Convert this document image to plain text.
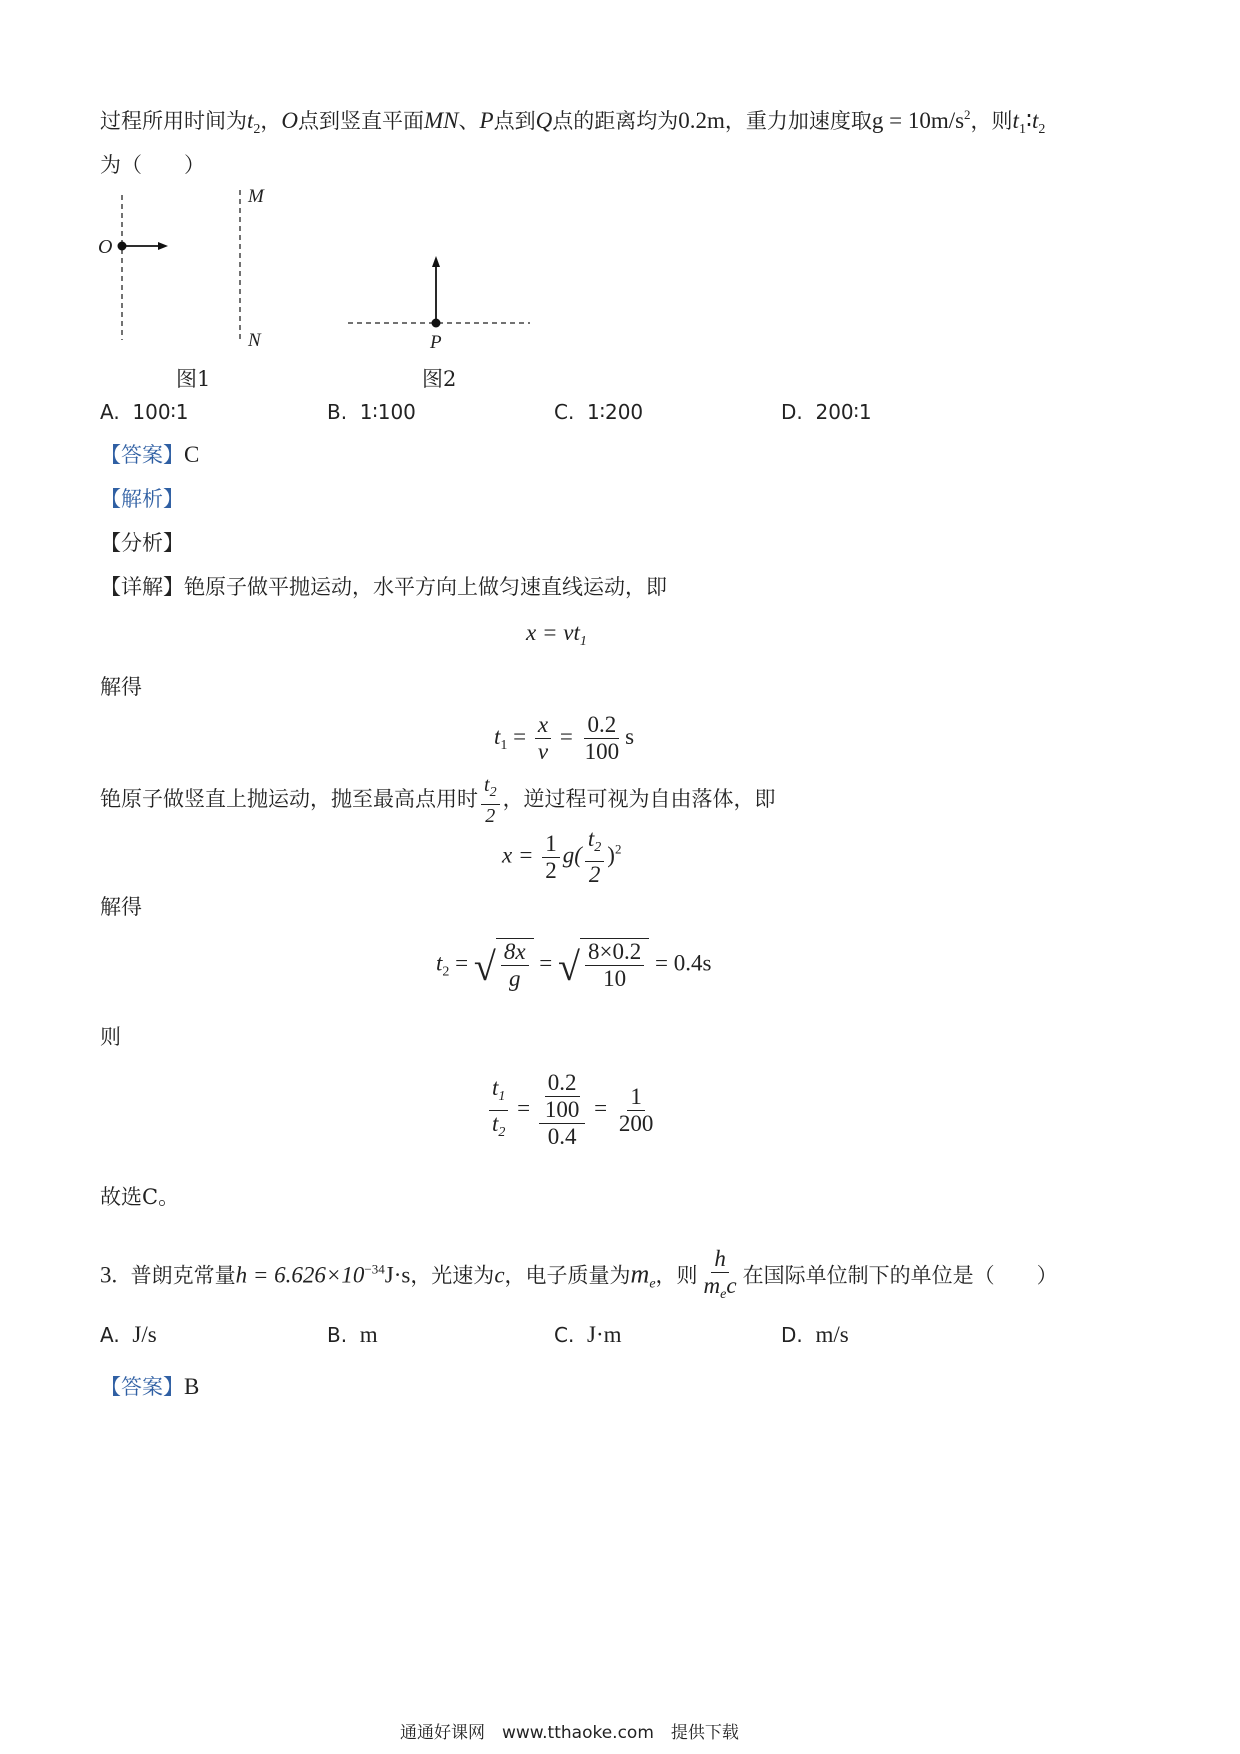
过程所用时间为$t_2$，O点到竖直平面MN、P点到Q点的距离均为0.2m，重力加速度取$g = 10m/s^2$，则$t_1∶t_2$
为（　　）
M
O
N	P
图1	图2
A. 100∶1	B. 1∶100	C. 1∶200	D. 200∶1
【答案】C
【解析】
【分析】
【详解】铯原子做平抛运动，水平方向上做匀速直线运动，即
$x = vt_1$
解得
$t_1 = \frac{x}{v} = \frac{0.2}{100}$ s
铯原子做竖直上抛运动，抛至最高点用时 $\frac{t_2}{2}$ ，逆过程可视为自由落体，即
$x = \frac{1}{2} g( \frac{t_2}{2} )^2$
解得
$t_2$ = √ $\frac{8x}{g}$ = √ $\frac{8\times 0.2}{10} = 0.4s$
则
$\frac{t_1}{t_2} = \frac{\frac{0.2}{100}}{0.4} = \frac{1}{200}$
故选C。
3. 普朗克常量$h = 6.626\times 10^{-34}J\cdot s$，光速为c，电子质量为$m_e$，则 $\frac{h}{m_ec}$ 在国际单位制下的单位是（　　）
A. J/s	B. m	C. J·m	D. m/s
【答案】B
通通好课网　www.tthaoke.com　提供下载
